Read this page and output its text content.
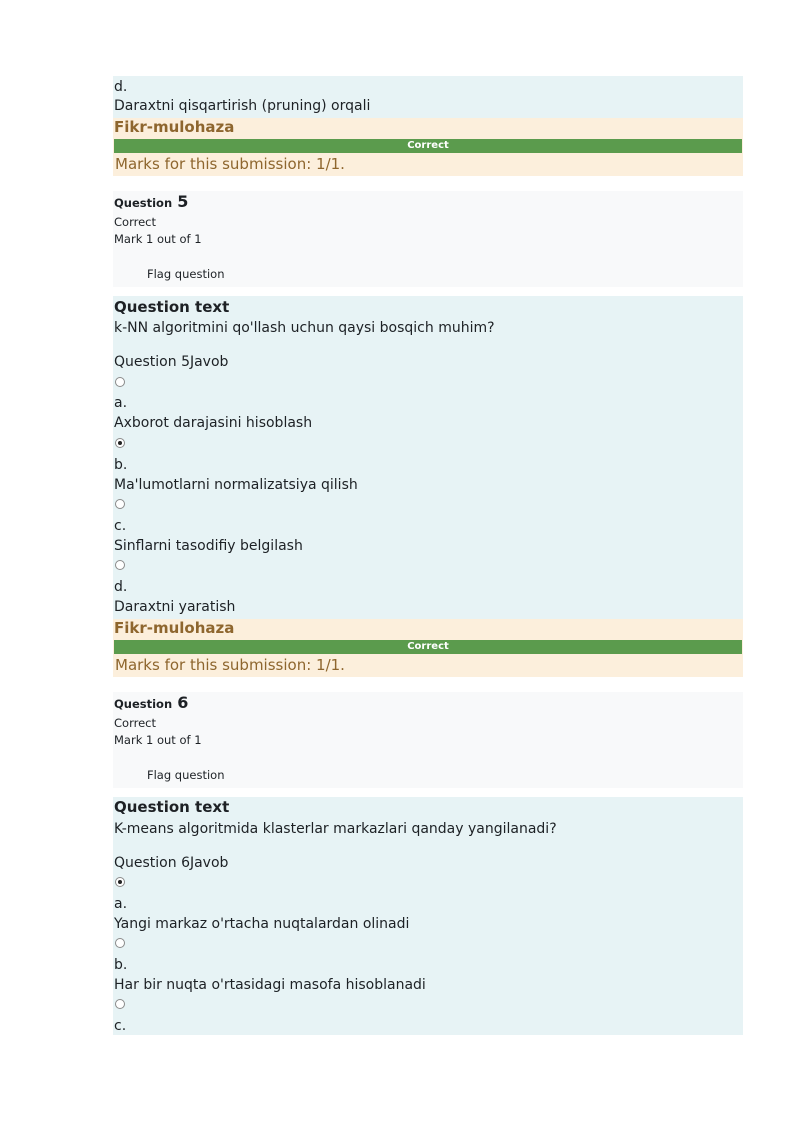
d.
Daraxtni qisqartirish (pruning) orqali
Fikr-mulohaza
Correct
Marks for this submission: 1/1.
Question 5
Correct
Mark 1 out of 1
Flag question
Question text
k-NN algoritmini qo'llash uchun qaysi bosqich muhim?
Question 5Javob
a.
Axborot darajasini hisoblash
b.
Ma'lumotlarni normalizatsiya qilish
c.
Sinflarni tasodifiy belgilash
d.
Daraxtni yaratish
Fikr-mulohaza
Correct
Marks for this submission: 1/1.
Question 6
Correct
Mark 1 out of 1
Flag question
Question text
K-means algoritmida klasterlar markazlari qanday yangilanadi?
Question 6Javob
a.
Yangi markaz o'rtacha nuqtalardan olinadi
b.
Har bir nuqta o'rtasidagi masofa hisoblanadi
c.
